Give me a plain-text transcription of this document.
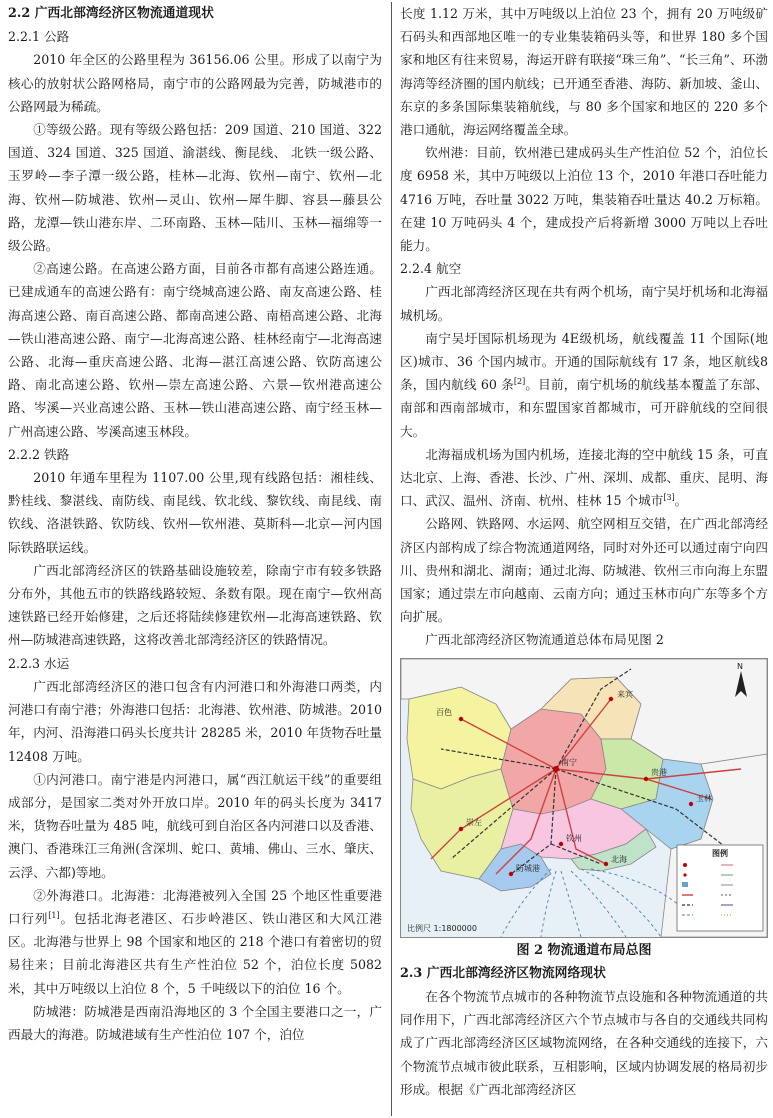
2.2 广西北部湾经济区物流通道现状

2.2.1 公路

2010 年全区的公路里程为 36156.06 公里。形成了以南宁为核心的放射状公路网格局，南宁市的公路网最为完善，防城港市的公路网最为稀疏。

①等级公路。现有等级公路包括：209 国道、210 国道、322 国道、324 国道、325 国道、渝湛线、衡昆线、 北铁一级公路、玉罗岭—李子潭一级公路，桂林—北海、钦州—南宁、钦州—北海、钦州—防城港、钦州—灵山、钦州—犀牛脚、容县—藤县公路，龙潭—铁山港东岸、二环南路、玉林—陆川、玉林—福绵等一级公路。

②高速公路。在高速公路方面，目前各市都有高速公路连通。已建成通车的高速公路有：南宁绕城高速公路、南友高速公路、桂海高速公路、南百高速公路、都南高速公路、南梧高速公路、北海—铁山港高速公路、南宁—北海高速公路、桂林经南宁—北海高速公路、北海—重庆高速公路、北海—湛江高速公路、钦防高速公路、南北高速公路、钦州—崇左高速公路、六景—钦州港高速公路、岑溪—兴业高速公路、玉林—铁山港高速公路、南宁经玉林—广州高速公路、岑溪高速玉林段。

2.2.2 铁路

2010 年通车里程为 1107.00 公里,现有线路包括：湘桂线、黔桂线、黎湛线、南防线、南昆线、钦北线、黎钦线、南昆线、南钦线、洛湛铁路、钦防线、钦州—钦州港、莫斯科—北京—河内国际铁路联运线。

广西北部湾经济区的铁路基础设施较差，除南宁市有较多铁路分布外，其他五市的铁路线路较短、条数有限。现在南宁—钦州高速铁路已经开始修建，之后还将陆续修建钦州—北海高速铁路、钦州—防城港高速铁路，这将改善北部湾经济区的铁路情况。

2.2.3 水运

广西北部湾经济区的港口包含有内河港口和外海港口两类，内河港口有南宁港；外海港口包括：北海港、钦州港、防城港。2010 年，内河、沿海港口码头长度共计 28285 米，2010 年货物吞吐量 12408 万吨。

①内河港口。南宁港是内河港口，属“西江航运干线”的重要组成部分，是国家二类对外开放口岸。2010 年的码头长度为 3417 米，货物吞吐量为 485 吨，航线可到自治区各内河港口以及香港、澳门、香港珠江三角洲(含深圳、蛇口、黄埔、佛山、三水、肇庆、云浮、六都)等地。

②外海港口。北海港：北海港被列入全国 25 个地区性重要港口行列[1]。包括北海老港区、石步岭港区、铁山港区和大风江港区。北海港与世界上 98 个国家和地区的 218 个港口有着密切的贸易往来；目前北海港区共有生产性泊位 52 个，泊位长度 5082 米，其中万吨级以上泊位 8 个，5 千吨级以下的泊位 16 个。

防城港：防城港是西南沿海地区的 3 个全国主要港口之一，广西最大的海港。防城港域有生产性泊位 107 个，泊位

长度 1.12 万米，其中万吨级以上泊位 23 个，拥有 20 万吨级矿石码头和西部地区唯一的专业集装箱码头等，和世界 180 多个国家和地区有往来贸易，海运开辟有联接“珠三角”、“长三角”、环渤海湾等经济圈的国内航线；已开通至香港、海防、新加坡、釜山、东京的多条国际集装箱航线，与 80 多个国家和地区的 220 多个港口通航，海运网络覆盖全球。

钦州港：目前，钦州港已建成码头生产性泊位 52 个，泊位长度 6958 米，其中万吨级以上泊位 13 个，2010 年港口吞吐能力 4716 万吨，吞吐量 3022 万吨，集装箱吞吐量达 40.2 万标箱。在建 10 万吨码头 4 个，建成投产后将新增 3000 万吨以上吞吐能力。

2.2.4 航空

广西北部湾经济区现在共有两个机场，南宁吴圩机场和北海福城机场。

南宁吴圩国际机场现为 4E级机场，航线覆盖 11 个国际(地区)城市、36 个国内城市。开通的国际航线有 17 条，地区航线8 条，国内航线 60 条[2]。目前，南宁机场的航线基本覆盖了东部、南部和西南部城市，和东盟国家首都城市，可开辟航线的空间很大。

北海福成机场为国内机场，连接北海的空中航线 15 条，可直达北京、上海、香港、长沙、广州、深圳、成都、重庆、昆明、海口、武汉、温州、济南、杭州、桂林 15 个城市[3]。

公路网、铁路网、水运网、航空网相互交错，在广西北部湾经济区内部构成了综合物流通道网络，同时对外还可以通过南宁向四川、贵州和湖北、湖南；通过北海、防城港、钦州三市向海上东盟国家；通过崇左市向越南、云南方向；通过玉林市向广东等多个方向扩展。

广西北部湾经济区物流通道总体布局见图 2

百色
来宾
贵港
玉林
南宁
崇左
钦州
北海
防城港
N
图例
比例尺 1:1800000

图 2 物流通道布局总图

2.3 广西北部湾经济区物流网络现状

在各个物流节点城市的各种物流节点设施和各种物流通道的共同作用下，广西北部湾经济区六个节点城市与各自的交通线共同构成了广西北部湾经济区区域物流网络，在各种交通线的连接下，六个物流节点城市彼此联系，互相影响，区域内协调发展的格局初步形成。根据《广西北部湾经济区
